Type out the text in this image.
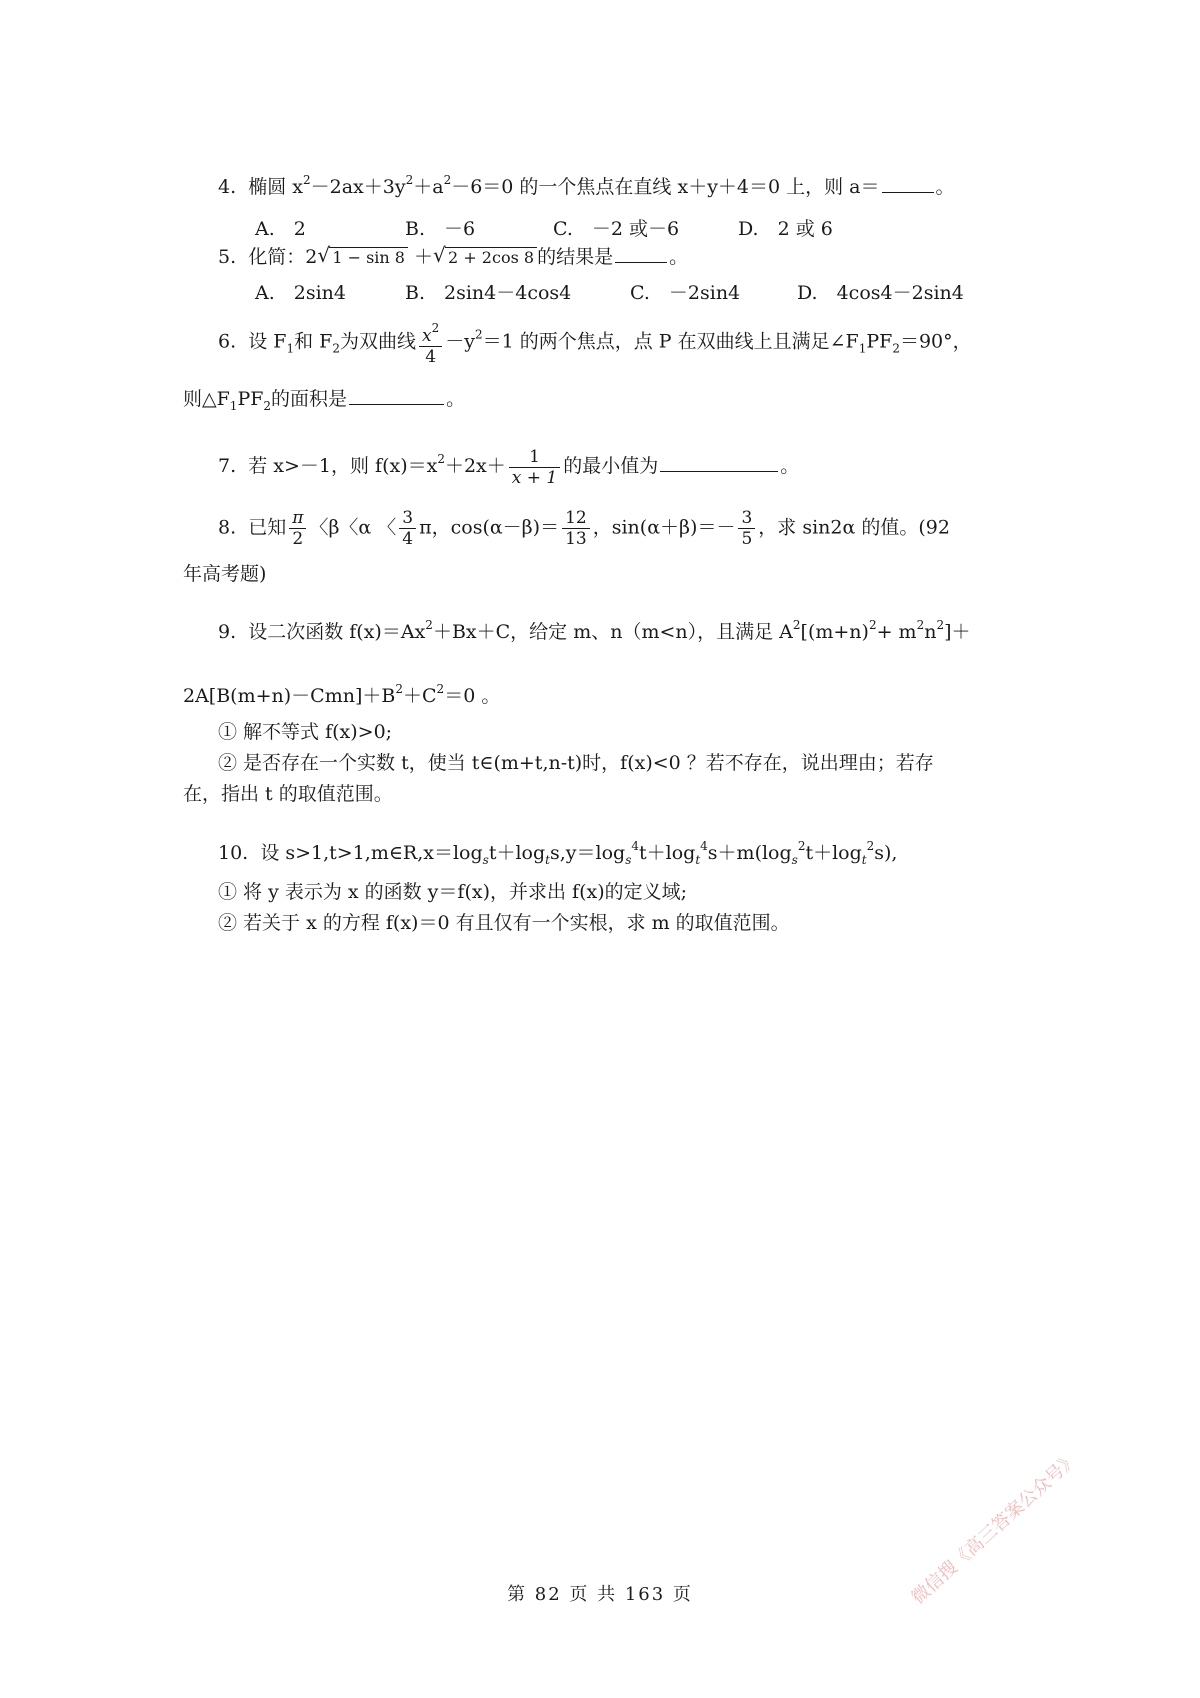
4. 椭圆 $x^2-2ax+3y^2+a^2-6=0$ 的一个焦点在直线 x＋y＋4＝0 上，则 a＝	。
A.　2	B.　－6	C.　－2 或－6	D.　2 或 6
5. 化简：2 √ 1 − sin 8 ＋ √ 2 + 2cos 8 的结果是	。
A.　2sin4	B.　2sin4－4cos4	C.　－2sin4	D.　4cos4－2sin4
6. 设 $F_1$和 $F_2$为双曲线 $\frac{x^2}{4} -y^2=1$ 的两个焦点，点 P 在双曲线上且满足$\angle F_1PF_2=90^\circ$，
则$\triangle F_1PF_2$的面积是	。
7. 若 x>－1，则 $f(x)=x^2+2x+ \frac{1}{x + 1}$ 的最小值为	。
8. 已知 $\frac{\pi}{2}$ 〈β〈α 〈 $\frac{3}{4}$ π，$\cos(\alpha-\beta)= \frac{12}{13}$ ，$\sin(\alpha+\beta)=- \frac{3}{5}$ ，求 sin2α 的值。(92
年高考题)
9. 设二次函数 $f(x)=Ax^2+Bx+C$，给定 m、n（m<n），且满足 $A^2[(m+n)^2+ m^2n^2]+$
$2A[B(m+n)-Cmn]+B^2+C^2=0$ 。
① 解不等式 f(x)>0;
② 是否存在一个实数 t，使当 t∈(m+t,n-t)时，f(x)<0 ？若不存在，说出理由；若存
在，指出 t 的取值范围。
10. 设 $s>1,t>1,m\in R,x=\log_st+\log_ts,y=\log_s^4t+\log_t^4s+m(\log_s^2t+\log_t^2s)$,
① 将 y 表示为 x 的函数 y＝f(x)，并求出 f(x)的定义域;
② 若关于 x 的方程 f(x)＝0 有且仅有一个实根，求 m 的取值范围。
第 82 页 共 163 页	微信搜《高三答案公众号》
